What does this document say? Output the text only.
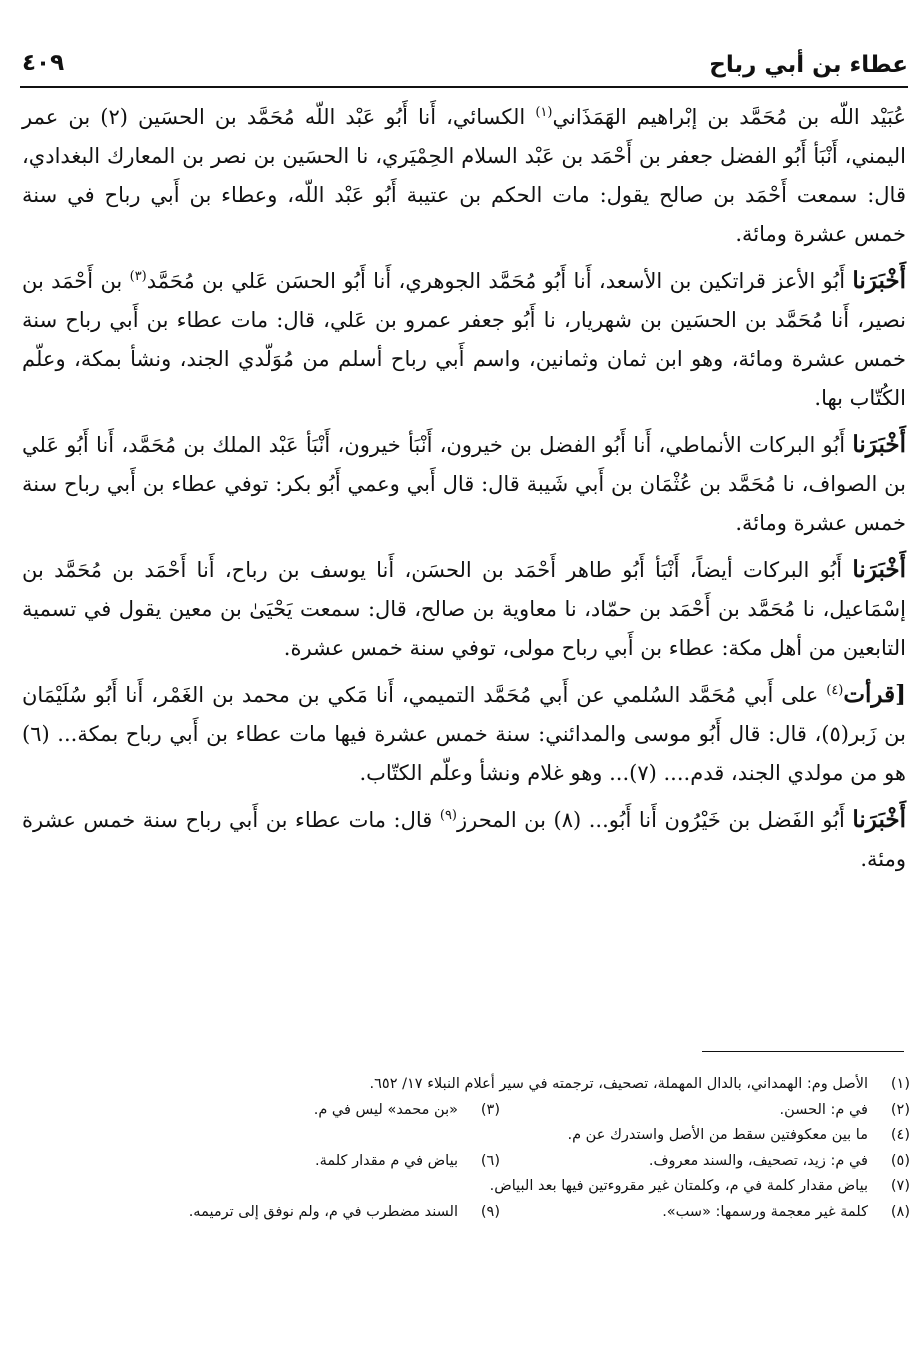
عطاء بن أبي رباح
٤٠٩

عُبَيْد اللّه بن مُحَمَّد بن إبْراهيم الهَمَذَاني$^{(١)}$ الكسائي، أَنا أَبُو عَبْد اللّه مُحَمَّد بن الحسَين (٢) بن عمر اليمني، أَنْبَأ أَبُو الفضل جعفر بن أَحْمَد بن عَبْد السلام الحِمْيَري، نا الحسَين بن نصر بن المعارك البغدادي، قال: سمعت أَحْمَد بن صالح يقول: مات الحكم بن عتيبة أَبُو عَبْد اللّه، وعطاء بن أَبي رباح في سنة خمس عشرة ومائة.

أَخْبَرَنا أَبُو الأعز قراتكين بن الأسعد، أَنا أَبُو مُحَمَّد الجوهري، أَنا أَبُو الحسَن عَلي بن مُحَمَّد$^{(٣)}$ بن أَحْمَد بن نصير، أَنا مُحَمَّد بن الحسَين بن شهريار، نا أَبُو جعفر عمرو بن عَلي، قال: مات عطاء بن أَبي رباح سنة خمس عشرة ومائة، وهو ابن ثمان وثمانين، واسم أَبي رباح أسلم من مُوَلّدي الجند، ونشأ بمكة، وعلّم الكُتّاب بها.

أَخْبَرَنا أَبُو البركات الأنماطي، أَنا أَبُو الفضل بن خيرون، أَنْبَأ خيرون، أَنْبَأ عَبْد الملك بن مُحَمَّد، أَنا أَبُو عَلي بن الصواف، نا مُحَمَّد بن عُثْمَان بن أَبي شَيبة قال: قال أَبي وعمي أَبُو بكر: توفي عطاء بن أَبي رباح سنة خمس عشرة ومائة.

أَخْبَرَنا أَبُو البركات أيضاً، أَنْبَأ أَبُو طاهر أَحْمَد بن الحسَن، أَنا يوسف بن رباح، أَنا أَحْمَد بن مُحَمَّد بن إسْمَاعيل، نا مُحَمَّد بن أَحْمَد بن حمّاد، نا معاوية بن صالح، قال: سمعت يَحْيَىٰ بن معين يقول في تسمية التابعين من أهل مكة: عطاء بن أَبي رباح مولى، توفي سنة خمس عشرة.

[قرأت$^{(٤)}$ على أَبي مُحَمَّد السُلمي عن أَبي مُحَمَّد التميمي، أَنا مَكي بن محمد بن الغَمْر، أَنا أَبُو سُلَيْمَان بن زَبر(٥)، قال: قال أَبُو موسى والمدائني: سنة خمس عشرة فيها مات عطاء بن أَبي رباح بمكة... (٦) هو من مولدي الجند، قدم.... (٧)... وهو غلام ونشأ وعلّم الكتّاب.

أَخْبَرَنا أَبُو الفَضل بن خَيْرُون أَنا أَبُو... (٨) بن المحرز$^{(٩)}$ قال: مات عطاء بن أَبي رباح سنة خمس عشرة ومئة.

(١)
الأصل وم: الهمداني، بالدال المهملة، تصحيف، ترجمته في سير أعلام النبلاء ١٧/ ٦٥٢.
(٢)
في م: الحسن.
(٣)
«بن محمد» ليس في م.
(٤)
ما بين معكوفتين سقط من الأصل واستدرك عن م.
(٥)
في م: زيد، تصحيف، والسند معروف.
(٦)
بياض في م مقدار كلمة.
(٧)
بياض مقدار كلمة في م، وكلمتان غير مقروءتين فيها بعد البياض.
(٨)
كلمة غير معجمة ورسمها: «سب».
(٩)
السند مضطرب في م، ولم نوفق إلى ترميمه.
